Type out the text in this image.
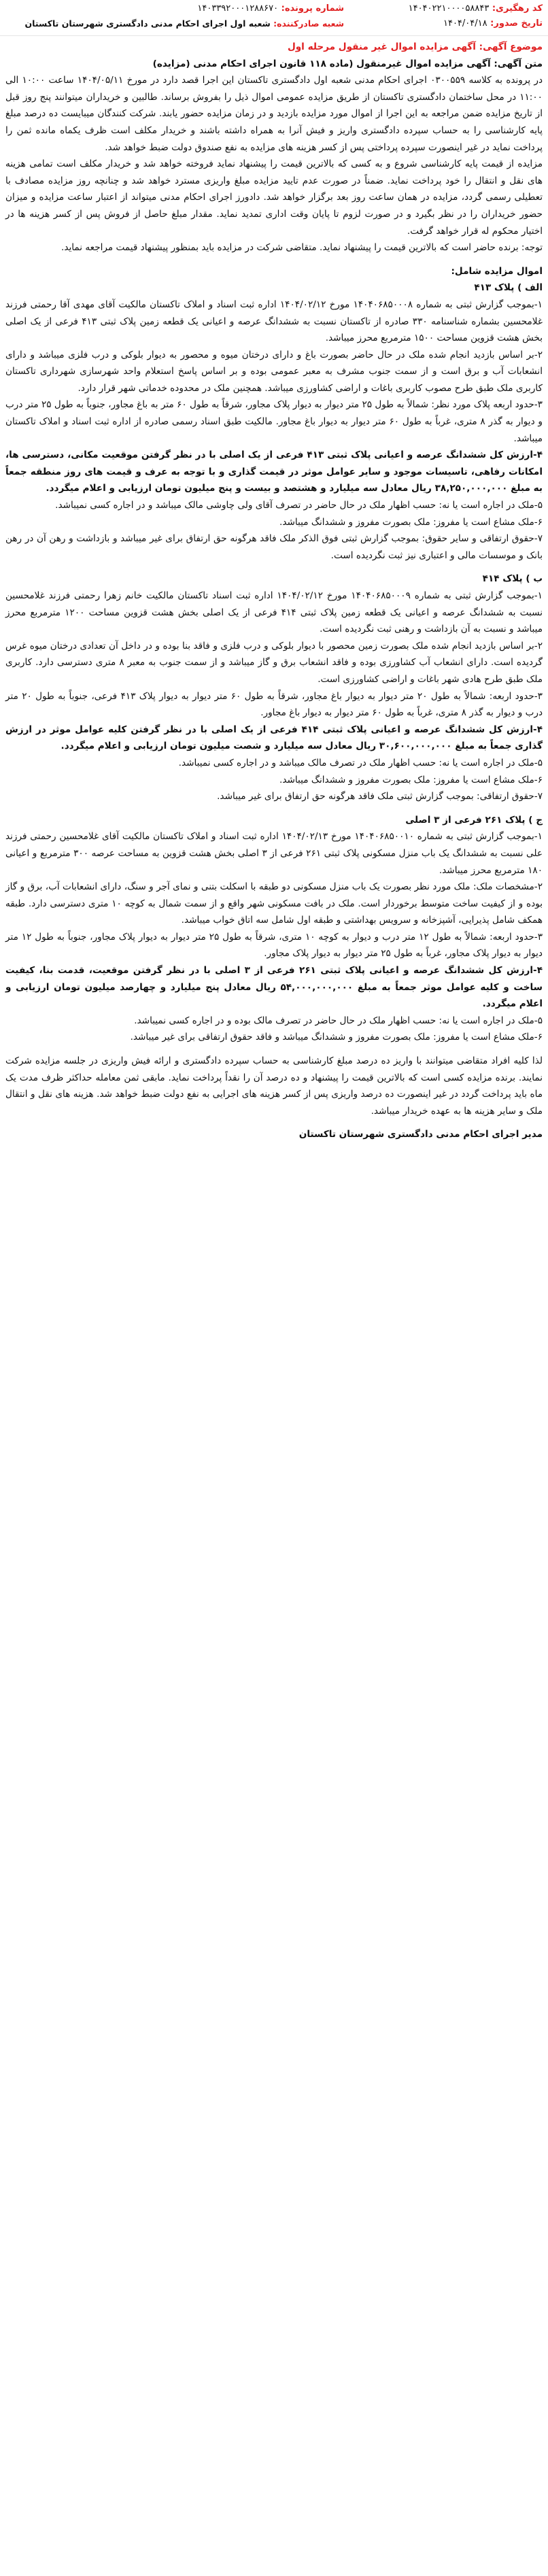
کد رهگیری: ۱۴۰۴۰۲۲۱۰۰۰۰۵۸۸۴۳
تاریخ صدور: ۱۴۰۴/۰۴/۱۸
شماره پرونده: ۱۴۰۳۳۹۲۰۰۰۱۲۸۸۶۷۰
شعبه صادرکننده: شعبه اول اجرای احکام مدنی دادگستری شهرستان تاکستان

موضوع آگهی: آگهی مزایده اموال غیر منقول مرحله اول

متن آگهی: آگهی مزایده اموال غیرمنقول (ماده ۱۱۸ قانون اجرای احکام مدنی (مزایده)

در پرونده به کلاسه ۰۳۰۰۵۵۹ اجرای احکام مدنی شعبه اول دادگستری تاکستان این اجرا قصد دارد در مورخ ۱۴۰۴/۰۵/۱۱ ساعت ۱۰:۰۰ الی ۱۱:۰۰ در محل ساختمان دادگستری تاکستان از طریق مزایده عمومی اموال ذیل را بفروش برساند. طالبین و خریداران میتوانند پنج روز قبل از تاریخ مزایده ضمن مراجعه به این اجرا از اموال مورد مزایده بازدید و در زمان مزایده حضور یابند. شرکت کنندگان میبایست ده درصد مبلغ پایه کارشناسی را به حساب سپرده دادگستری واریز و فیش آنرا به همراه داشته باشند و خریدار مکلف است ظرف یکماه مانده ثمن را پرداخت نماید در غیر اینصورت سپرده پرداختی پس از کسر هزینه های مزایده به نفع صندوق دولت ضبط خواهد شد.

مزایده از قیمت پایه کارشناسی شروع و به کسی که بالاترین قیمت را پیشنهاد نماید فروخته خواهد شد و خریدار مکلف است تمامی هزینه های نقل و انتقال را خود پرداخت نماید. ضمناً در صورت عدم تایید مزایده مبلغ واریزی مسترد خواهد شد و چنانچه روز مزایده مصادف با تعطیلی رسمی گردد، مزایده در همان ساعت روز بعد برگزار خواهد شد. دادورز اجرای احکام مدنی میتواند از اعتبار ساعت مزایده و میزان حضور خریداران را در نظر بگیرد و در صورت لزوم تا پایان وقت اداری تمدید نماید. مقدار مبلغ حاصل از فروش پس از کسر هزینه ها در اختیار محکوم له قرار خواهد گرفت.

توجه: برنده حاضر است که بالاترین قیمت را پیشنهاد نماید. متقاضی شرکت در مزایده باید بمنظور پیشنهاد قیمت مراجعه نماید.

اموال مزایده شامل:

الف ) پلاک ۴۱۳

۱-بموجب گزارش ثبتی به شماره ۱۴۰۴۰۶۸۵۰۰۰۸ مورخ ۱۴۰۴/۰۲/۱۲ اداره ثبت اسناد و املاک تاکستان مالکیت آقای مهدی آقا رحمتی فرزند غلامحسین بشماره شناسنامه ۳۳۰ صادره از تاکستان نسبت به ششدانگ عرصه و اعیانی یک قطعه زمین پلاک ثبتی ۴۱۳ فرعی از یک اصلی بخش هشت قزوین مساحت ۱۵۰۰ مترمربع محرز میباشد.

۲-بر اساس بازدید انجام شده ملک در حال حاضر بصورت باغ و دارای درختان میوه و محصور به دیوار بلوکی و درب فلزی میباشد و دارای انشعابات آب و برق است و از سمت جنوب مشرف به معبر عمومی بوده و بر اساس پاسخ استعلام واحد شهرسازی شهرداری تاکستان کاربری ملک طبق طرح مصوب کاربری باغات و اراضی کشاورزی میباشد. همچنین ملک در محدوده خدماتی شهر قرار دارد.

۳-حدود اربعه پلاک مورد نظر: شمالاً به طول ۲۵ متر دیوار به دیوار پلاک مجاور، شرقاً به طول ۶۰ متر به باغ مجاور، جنوباً به طول ۲۵ متر درب و دیوار به گذر ۸ متری، غرباً به طول ۶۰ متر دیوار به دیوار باغ مجاور. مالکیت طبق اسناد رسمی صادره از اداره ثبت اسناد و املاک تاکستان میباشد.

۴-ارزش کل ششدانگ عرصه و اعیانی پلاک ثبتی ۴۱۳ فرعی از یک اصلی با در نظر گرفتن موقعیت مکانی، دسترسی ها، امکانات رفاهی، تاسیسات موجود و سایر عوامل موثر در قیمت گذاری و با توجه به عرف و قیمت های روز منطقه جمعاً به مبلغ ۳۸,۲۵۰,۰۰۰,۰۰۰ ریال معادل سه میلیارد و هشتصد و بیست و پنج میلیون تومان ارزیابی و اعلام میگردد.

۵-ملک در اجاره است یا نه: حسب اظهار ملک در حال حاضر در تصرف آقای ولی چاوشی مالک میباشد و در اجاره کسی نمیباشد.

۶-ملک مشاع است یا مفروز: ملک بصورت مفروز و ششدانگ میباشد.

۷-حقوق ارتفاقی و سایر حقوق: بموجب گزارش ثبتی فوق الذکر ملک فاقد هرگونه حق ارتفاق برای غیر میباشد و بازداشت و رهن آن در رهن بانک و موسسات مالی و اعتباری نیز ثبت نگردیده است.

ب ) پلاک ۴۱۴

۱-بموجب گزارش ثبتی به شماره ۱۴۰۴۰۶۸۵۰۰۰۹ مورخ ۱۴۰۴/۰۲/۱۲ اداره ثبت اسناد تاکستان مالکیت خانم زهرا رحمتی فرزند غلامحسین نسبت به ششدانگ عرصه و اعیانی یک قطعه زمین پلاک ثبتی ۴۱۴ فرعی از یک اصلی بخش هشت قزوین مساحت ۱۲۰۰ مترمربع محرز میباشد و نسبت به آن بازداشت و رهنی ثبت نگردیده است.

۲-بر اساس بازدید انجام شده ملک بصورت زمین محصور با دیوار بلوکی و درب فلزی و فاقد بنا بوده و در داخل آن تعدادی درختان میوه غرس گردیده است. دارای انشعاب آب کشاورزی بوده و فاقد انشعاب برق و گاز میباشد و از سمت جنوب به معبر ۸ متری دسترسی دارد. کاربری ملک طبق طرح هادی شهر باغات و اراضی کشاورزی است.

۳-حدود اربعه: شمالاً به طول ۲۰ متر دیوار به دیوار باغ مجاور، شرقاً به طول ۶۰ متر دیوار به دیوار پلاک ۴۱۳ فرعی، جنوباً به طول ۲۰ متر درب و دیوار به گذر ۸ متری، غرباً به طول ۶۰ متر دیوار به دیوار باغ مجاور.

۴-ارزش کل ششدانگ عرصه و اعیانی پلاک ثبتی ۴۱۴ فرعی از یک اصلی با در نظر گرفتن کلیه عوامل موثر در ارزش گذاری جمعاً به مبلغ ۳۰,۶۰۰,۰۰۰,۰۰۰ ریال معادل سه میلیارد و شصت میلیون تومان ارزیابی و اعلام میگردد.

۵-ملک در اجاره است یا نه: حسب اظهار ملک در تصرف مالک میباشد و در اجاره کسی نمیباشد.

۶-ملک مشاع است یا مفروز: ملک بصورت مفروز و ششدانگ میباشد.

۷-حقوق ارتفاقی: بموجب گزارش ثبتی ملک فاقد هرگونه حق ارتفاق برای غیر میباشد.

ج ) پلاک ۲۶۱ فرعی از ۳ اصلی

۱-بموجب گزارش ثبتی به شماره ۱۴۰۴۰۶۸۵۰۰۱۰ مورخ ۱۴۰۴/۰۲/۱۳ اداره ثبت اسناد و املاک تاکستان مالکیت آقای غلامحسین رحمتی فرزند علی نسبت به ششدانگ یک باب منزل مسکونی پلاک ثبتی ۲۶۱ فرعی از ۳ اصلی بخش هشت قزوین به مساحت عرصه ۳۰۰ مترمربع و اعیانی ۱۸۰ مترمربع محرز میباشد.

۲-مشخصات ملک: ملک مورد نظر بصورت یک باب منزل مسکونی دو طبقه با اسکلت بتنی و نمای آجر و سنگ، دارای انشعابات آب، برق و گاز بوده و از کیفیت ساخت متوسط برخوردار است. ملک در بافت مسکونی شهر واقع و از سمت شمال به کوچه ۱۰ متری دسترسی دارد. طبقه همکف شامل پذیرایی، آشپزخانه و سرویس بهداشتی و طبقه اول شامل سه اتاق خواب میباشد.

۳-حدود اربعه: شمالاً به طول ۱۲ متر درب و دیوار به کوچه ۱۰ متری، شرقاً به طول ۲۵ متر دیوار به دیوار پلاک مجاور، جنوباً به طول ۱۲ متر دیوار به دیوار پلاک مجاور، غرباً به طول ۲۵ متر دیوار به دیوار پلاک مجاور.

۴-ارزش کل ششدانگ عرصه و اعیانی پلاک ثبتی ۲۶۱ فرعی از ۳ اصلی با در نظر گرفتن موقعیت، قدمت بنا، کیفیت ساخت و کلیه عوامل موثر جمعاً به مبلغ ۵۴,۰۰۰,۰۰۰,۰۰۰ ریال معادل پنج میلیارد و چهارصد میلیون تومان ارزیابی و اعلام میگردد.

۵-ملک در اجاره است یا نه: حسب اظهار ملک در حال حاضر در تصرف مالک بوده و در اجاره کسی نمیباشد.

۶-ملک مشاع است یا مفروز: ملک بصورت مفروز و ششدانگ میباشد و فاقد حقوق ارتفاقی برای غیر میباشد.

لذا کلیه افراد متقاضی میتوانند با واریز ده درصد مبلغ کارشناسی به حساب سپرده دادگستری و ارائه فیش واریزی در جلسه مزایده شرکت نمایند. برنده مزایده کسی است که بالاترین قیمت را پیشنهاد و ده درصد آن را نقداً پرداخت نماید. مابقی ثمن معامله حداکثر ظرف مدت یک ماه باید پرداخت گردد در غیر اینصورت ده درصد واریزی پس از کسر هزینه های اجرایی به نفع دولت ضبط خواهد شد. هزینه های نقل و انتقال ملک و سایر هزینه ها به عهده خریدار میباشد.

مدیر اجرای احکام مدنی دادگستری شهرستان تاکستان
